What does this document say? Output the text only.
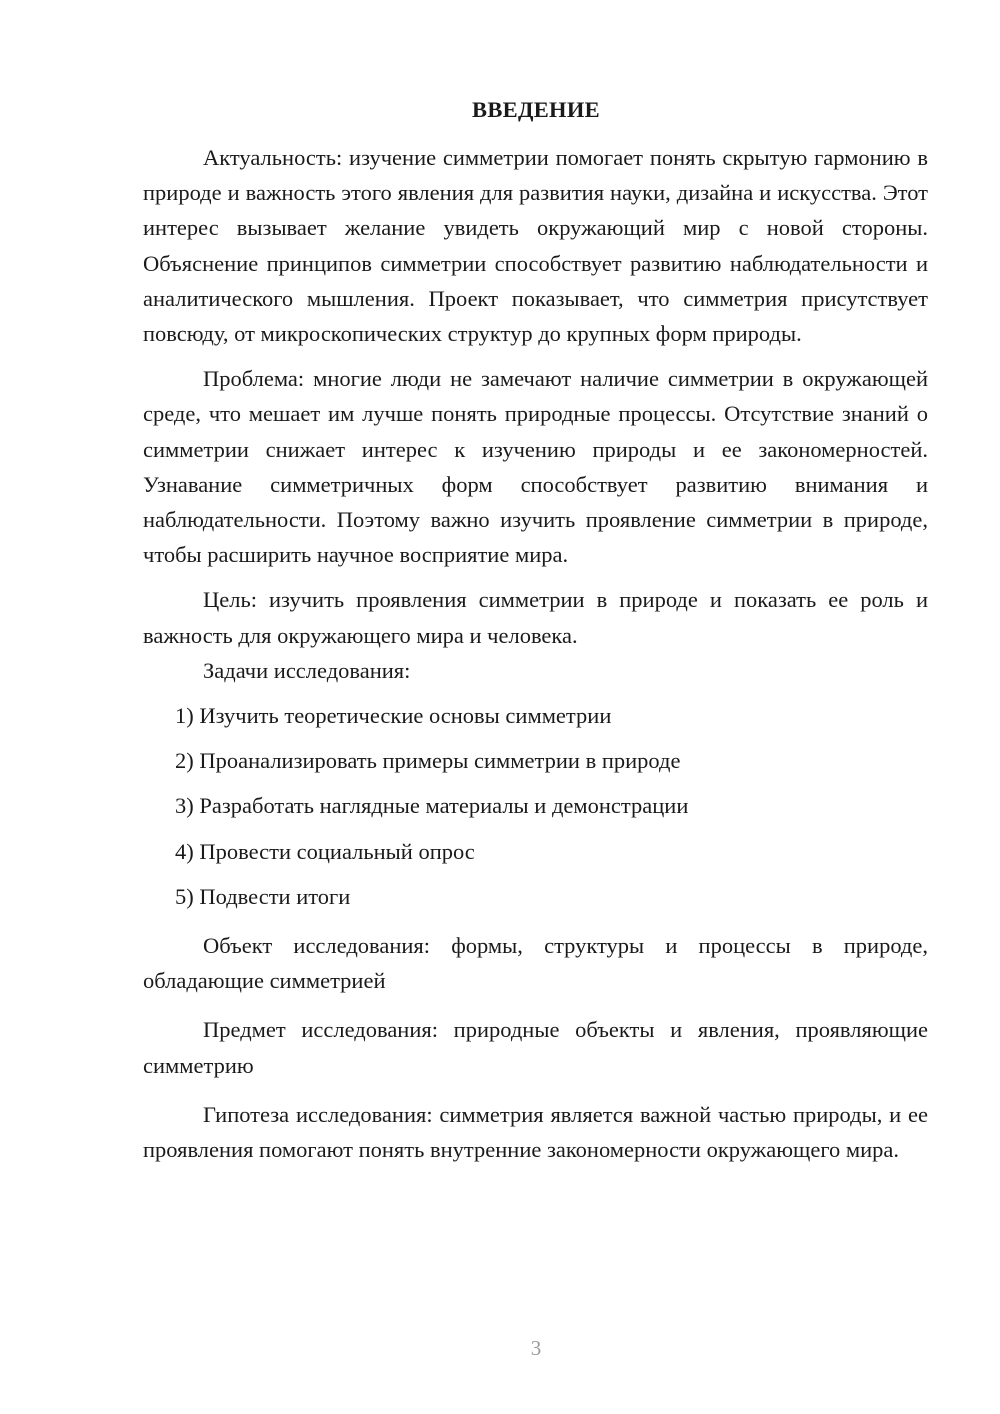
ВВЕДЕНИЕ

Актуальность: изучение симметрии помогает понять скрытую гармонию в природе и важность этого явления для развития науки, дизайна и искусства. Этот интерес вызывает желание увидеть окружающий мир с новой стороны. Объяснение принципов симметрии способствует развитию наблюдательности и аналитического мышления. Проект показывает, что симметрия присутствует повсюду, от микроскопических структур до крупных форм природы.

Проблема: многие люди не замечают наличие симметрии в окружающей среде, что мешает им лучше понять природные процессы. Отсутствие знаний о симметрии снижает интерес к изучению природы и ее закономерностей. Узнавание симметричных форм способствует развитию внимания и наблюдательности. Поэтому важно изучить проявление симметрии в природе, чтобы расширить научное восприятие мира.

Цель: изучить проявления симметрии в природе и показать ее роль и важность для окружающего мира и человека.

Задачи исследования:

1) Изучить теоретические основы симметрии
2) Проанализировать примеры симметрии в природе
3) Разработать наглядные материалы и демонстрации
4) Провести социальный опрос
5) Подвести итоги

Объект исследования: формы, структуры и процессы в природе, обладающие симметрией

Предмет исследования: природные объекты и явления, проявляющие симметрию

Гипотеза исследования: симметрия является важной частью природы, и ее проявления помогают понять внутренние закономерности окружающего мира.

3
